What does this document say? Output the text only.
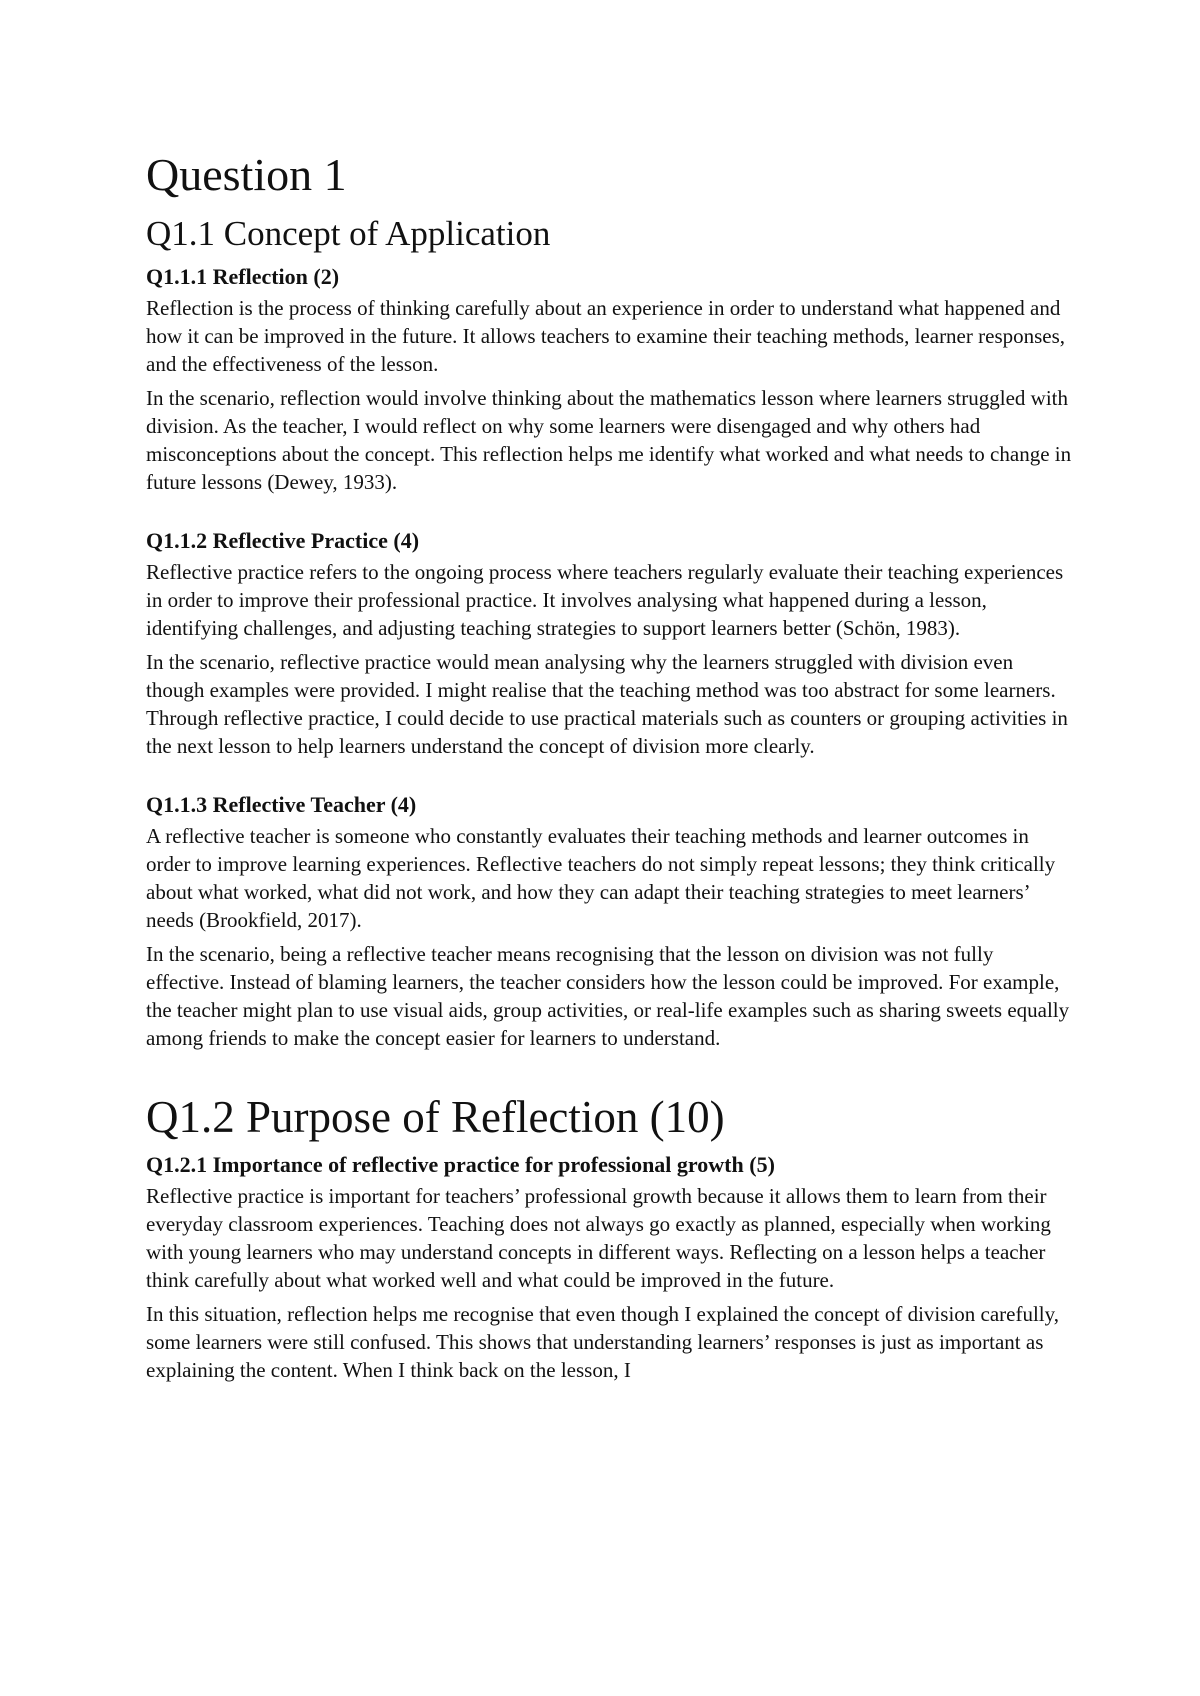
Question 1
Q1.1 Concept of Application
Q1.1.1 Reflection (2)

Reflection is the process of thinking carefully about an experience in order to understand what happened and how it can be improved in the future. It allows teachers to examine their teaching methods, learner responses, and the effectiveness of the lesson.

In the scenario, reflection would involve thinking about the mathematics lesson where learners struggled with division. As the teacher, I would reflect on why some learners were disengaged and why others had misconceptions about the concept. This reflection helps me identify what worked and what needs to change in future lessons (Dewey, 1933).

Q1.1.2 Reflective Practice (4)

Reflective practice refers to the ongoing process where teachers regularly evaluate their teaching experiences in order to improve their professional practice. It involves analysing what happened during a lesson, identifying challenges, and adjusting teaching strategies to support learners better (Schön, 1983).

In the scenario, reflective practice would mean analysing why the learners struggled with division even though examples were provided. I might realise that the teaching method was too abstract for some learners. Through reflective practice, I could decide to use practical materials such as counters or grouping activities in the next lesson to help learners understand the concept of division more clearly.

Q1.1.3 Reflective Teacher (4)

A reflective teacher is someone who constantly evaluates their teaching methods and learner outcomes in order to improve learning experiences. Reflective teachers do not simply repeat lessons; they think critically about what worked, what did not work, and how they can adapt their teaching strategies to meet learners’ needs (Brookfield, 2017).

In the scenario, being a reflective teacher means recognising that the lesson on division was not fully effective. Instead of blaming learners, the teacher considers how the lesson could be improved. For example, the teacher might plan to use visual aids, group activities, or real-life examples such as sharing sweets equally among friends to make the concept easier for learners to understand.

Q1.2 Purpose of Reflection (10)
Q1.2.1 Importance of reflective practice for professional growth (5)

Reflective practice is important for teachers’ professional growth because it allows them to learn from their everyday classroom experiences. Teaching does not always go exactly as planned, especially when working with young learners who may understand concepts in different ways. Reflecting on a lesson helps a teacher think carefully about what worked well and what could be improved in the future.

In this situation, reflection helps me recognise that even though I explained the concept of division carefully, some learners were still confused. This shows that understanding learners’ responses is just as important as explaining the content. When I think back on the lesson, I
